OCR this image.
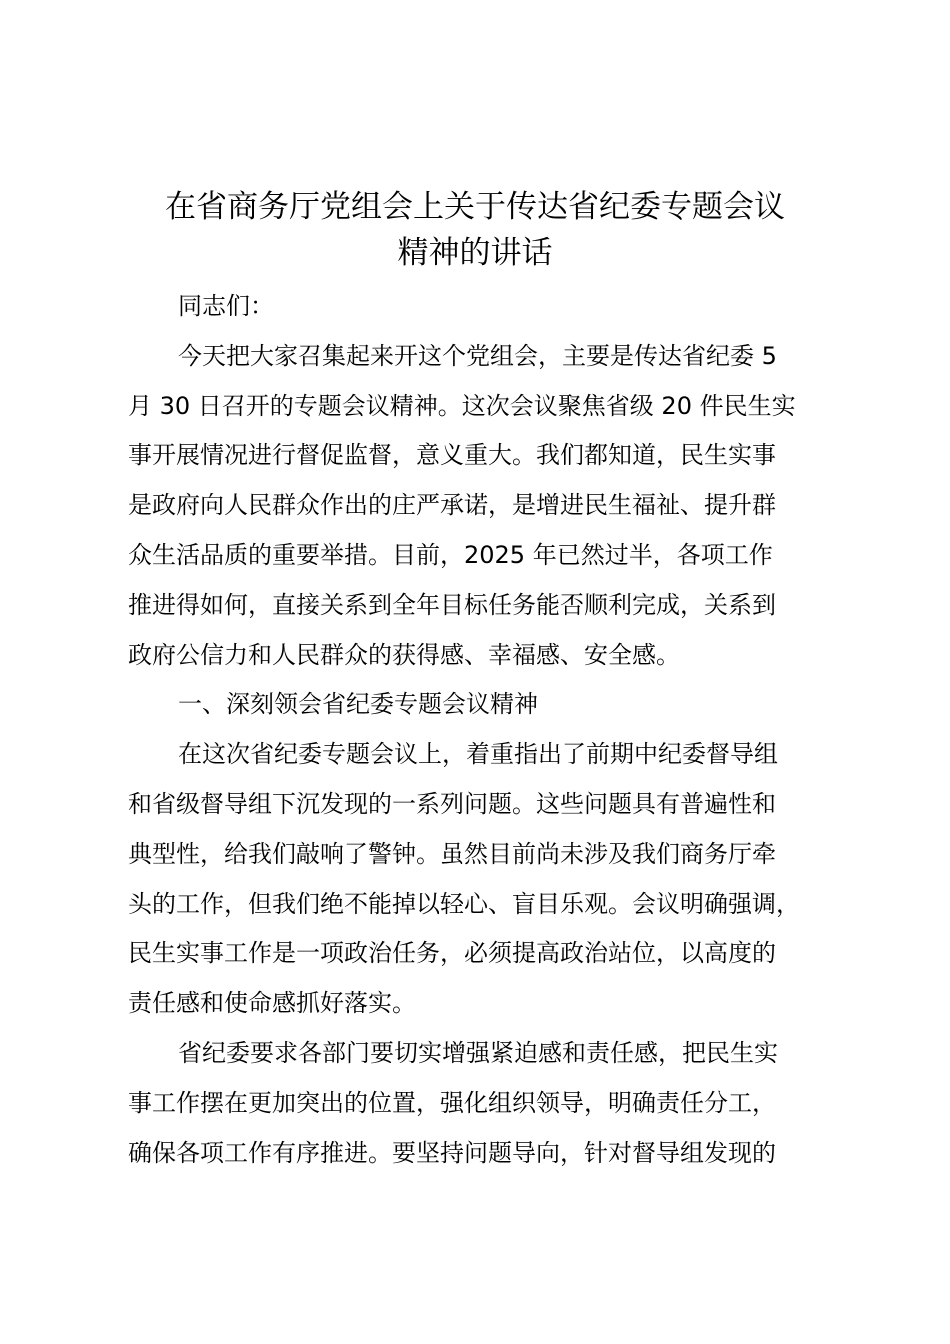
在省商务厅党组会上关于传达省纪委专题会议
精神的讲话
同志们：
今天把大家召集起来开这个党组会，主要是传达省纪委 5
月 30 日召开的专题会议精神。这次会议聚焦省级 20 件民生实
事开展情况进行督促监督，意义重大。我们都知道，民生实事
是政府向人民群众作出的庄严承诺，是增进民生福祉、提升群
众生活品质的重要举措。目前，2025 年已然过半，各项工作
推进得如何，直接关系到全年目标任务能否顺利完成，关系到
政府公信力和人民群众的获得感、幸福感、安全感。
一、深刻领会省纪委专题会议精神
在这次省纪委专题会议上，着重指出了前期中纪委督导组
和省级督导组下沉发现的一系列问题。这些问题具有普遍性和
典型性，给我们敲响了警钟。虽然目前尚未涉及我们商务厅牵
头的工作，但我们绝不能掉以轻心、盲目乐观。会议明确强调，
民生实事工作是一项政治任务，必须提高政治站位，以高度的
责任感和使命感抓好落实。
省纪委要求各部门要切实增强紧迫感和责任感，把民生实
事工作摆在更加突出的位置，强化组织领导，明确责任分工，
确保各项工作有序推进。要坚持问题导向，针对督导组发现的
